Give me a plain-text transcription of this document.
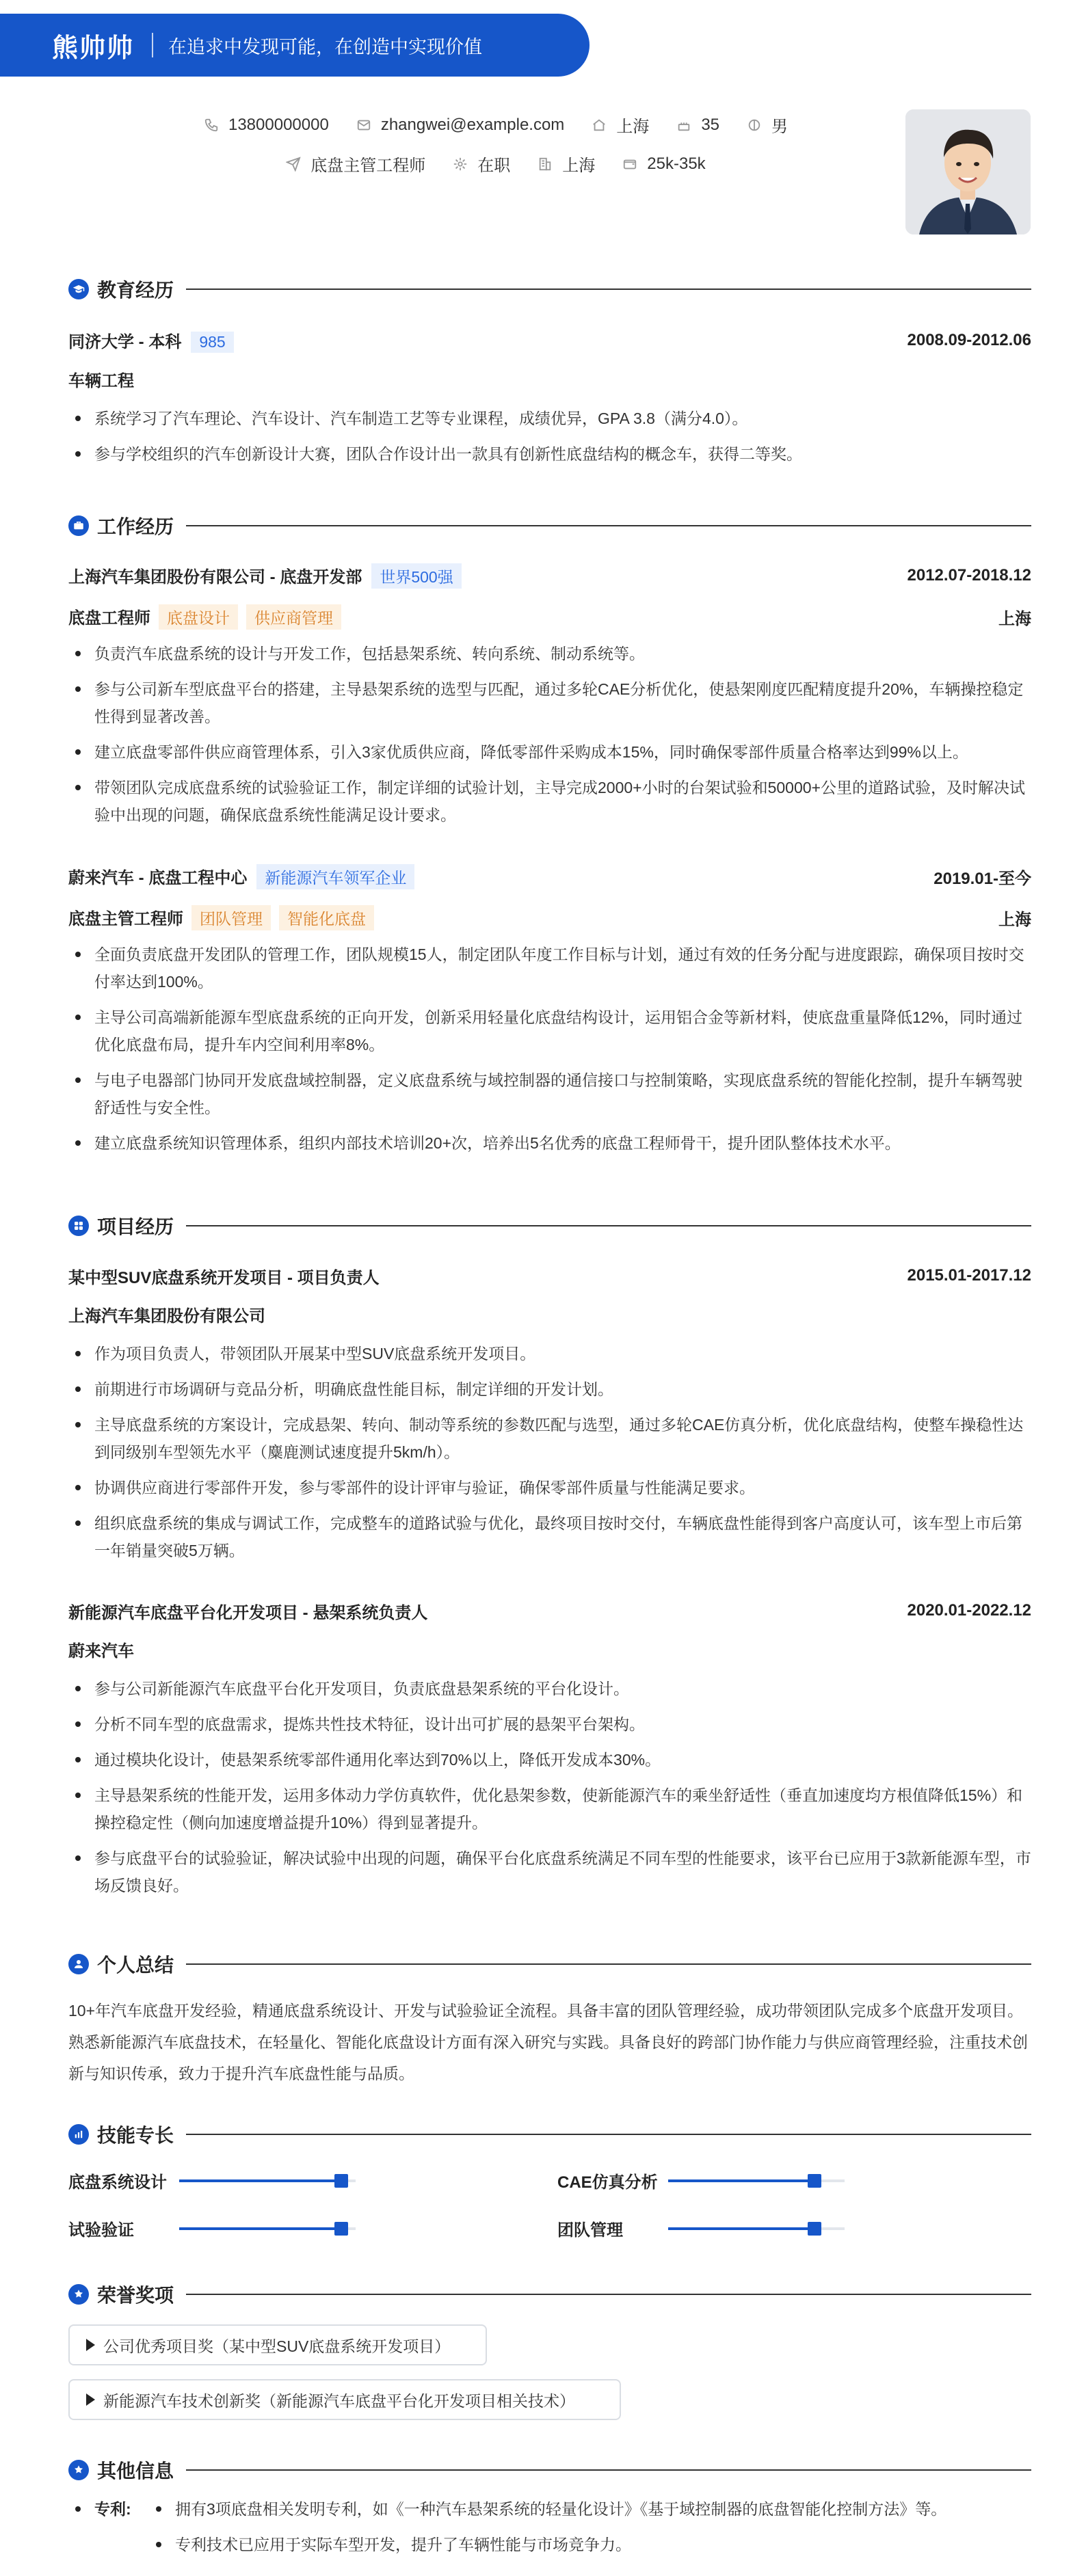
熊帅帅 在追求中发现可能，在创造中实现价值
13800000000	zhangwei@example.com	上海	35	男
底盘主管工程师	在职	上海	25k-35k
教育经历
同济大学 - 本科 985	2008.09-2012.06
车辆工程
系统学习了汽车理论、汽车设计、汽车制造工艺等专业课程，成绩优异，GPA 3.8（满分4.0）。
参与学校组织的汽车创新设计大赛，团队合作设计出一款具有创新性底盘结构的概念车，获得二等奖。
工作经历
上海汽车集团股份有限公司 - 底盘开发部 世界500强	2012.07-2018.12
底盘工程师 底盘设计 供应商管理	上海
负责汽车底盘系统的设计与开发工作，包括悬架系统、转向系统、制动系统等。
参与公司新车型底盘平台的搭建，主导悬架系统的选型与匹配，通过多轮CAE分析优化，使悬架刚度匹配精度提升20%，车辆操控稳定性得到显著改善。
建立底盘零部件供应商管理体系，引入3家优质供应商，降低零部件采购成本15%，同时确保零部件质量合格率达到99%以上。
带领团队完成底盘系统的试验验证工作，制定详细的试验计划，主导完成2000+小时的台架试验和50000+公里的道路试验，及时解决试验中出现的问题，确保底盘系统性能满足设计要求。
蔚来汽车 - 底盘工程中心 新能源汽车领军企业	2019.01-至今
底盘主管工程师 团队管理 智能化底盘	上海
全面负责底盘开发团队的管理工作，团队规模15人，制定团队年度工作目标与计划，通过有效的任务分配与进度跟踪，确保项目按时交付率达到100%。
主导公司高端新能源车型底盘系统的正向开发，创新采用轻量化底盘结构设计，运用铝合金等新材料，使底盘重量降低12%，同时通过优化底盘布局，提升车内空间利用率8%。
与电子电器部门协同开发底盘域控制器，定义底盘系统与域控制器的通信接口与控制策略，实现底盘系统的智能化控制，提升车辆驾驶舒适性与安全性。
建立底盘系统知识管理体系，组织内部技术培训20+次，培养出5名优秀的底盘工程师骨干，提升团队整体技术水平。
项目经历
某中型SUV底盘系统开发项目 - 项目负责人	2015.01-2017.12
上海汽车集团股份有限公司
作为项目负责人，带领团队开展某中型SUV底盘系统开发项目。
前期进行市场调研与竞品分析，明确底盘性能目标，制定详细的开发计划。
主导底盘系统的方案设计，完成悬架、转向、制动等系统的参数匹配与选型，通过多轮CAE仿真分析，优化底盘结构，使整车操稳性达到同级别车型领先水平（麋鹿测试速度提升5km/h）。
协调供应商进行零部件开发，参与零部件的设计评审与验证，确保零部件质量与性能满足要求。
组织底盘系统的集成与调试工作，完成整车的道路试验与优化，最终项目按时交付，车辆底盘性能得到客户高度认可，该车型上市后第一年销量突破5万辆。
新能源汽车底盘平台化开发项目 - 悬架系统负责人	2020.01-2022.12
蔚来汽车
参与公司新能源汽车底盘平台化开发项目，负责底盘悬架系统的平台化设计。
分析不同车型的底盘需求，提炼共性技术特征，设计出可扩展的悬架平台架构。
通过模块化设计，使悬架系统零部件通用化率达到70%以上，降低开发成本30%。
主导悬架系统的性能开发，运用多体动力学仿真软件，优化悬架参数，使新能源汽车的乘坐舒适性（垂直加速度均方根值降低15%）和操控稳定性（侧向加速度增益提升10%）得到显著提升。
参与底盘平台的试验验证，解决试验中出现的问题，确保平台化底盘系统满足不同车型的性能要求，该平台已应用于3款新能源车型，市场反馈良好。
个人总结
10+年汽车底盘开发经验，精通底盘系统设计、开发与试验验证全流程。具备丰富的团队管理经验，成功带领团队完成多个底盘开发项目。熟悉新能源汽车底盘技术，在轻量化、智能化底盘设计方面有深入研究与实践。具备良好的跨部门协作能力与供应商管理经验，注重技术创新与知识传承，致力于提升汽车底盘性能与品质。
技能专长
底盘系统设计	CAE仿真分析
试验验证	团队管理
荣誉奖项
公司优秀项目奖（某中型SUV底盘系统开发项目）
新能源汽车技术创新奖（新能源汽车底盘平台化开发项目相关技术）
其他信息
专利:	拥有3项底盘相关发明专利，如《一种汽车悬架系统的轻量化设计》《基于域控制器的底盘智能化控制方法》等。
专利技术已应用于实际车型开发，提升了车辆性能与市场竞争力。
